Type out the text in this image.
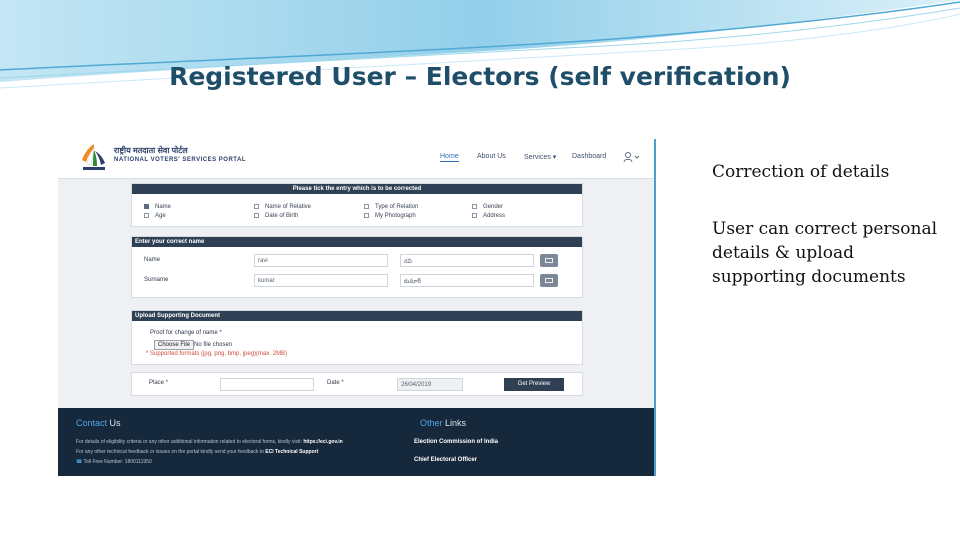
Registered User – Electors (self verification)
Correction of details
User can correct personal details & upload supporting documents
राष्ट्रीय मतदाता सेवा पोर्टल
NATIONAL VOTERS' SERVICES PORTAL	Home	About Us	Services ▾ Dashboard
Please tick the entry which is to be corrected
Name	Name of Relative	Type of Relation	Gender
Age	Date of Birth	My Photograph	Address
Enter your correct name
Name	ravi	రవి
Surname	kumar	కుమార్
Upload Supporting Document
Proof for change of name *
Choose File No file chosen
* Supported formats (jpg, png, bmp, jpeg)(max. 2MB)
Place *	Date *	26/04/2019	Get Preview
Contact Us	Other Links
For details of eligibility criteria or any other additional information related to electoral forms, kindly visit: https://eci.gov.in
For any other technical feedback or issues on the portal kindly send your feedback to ECI Technical Support
☎ Toll Free Number: 1800111950
Election Commission of India
Chief Electoral Officer
